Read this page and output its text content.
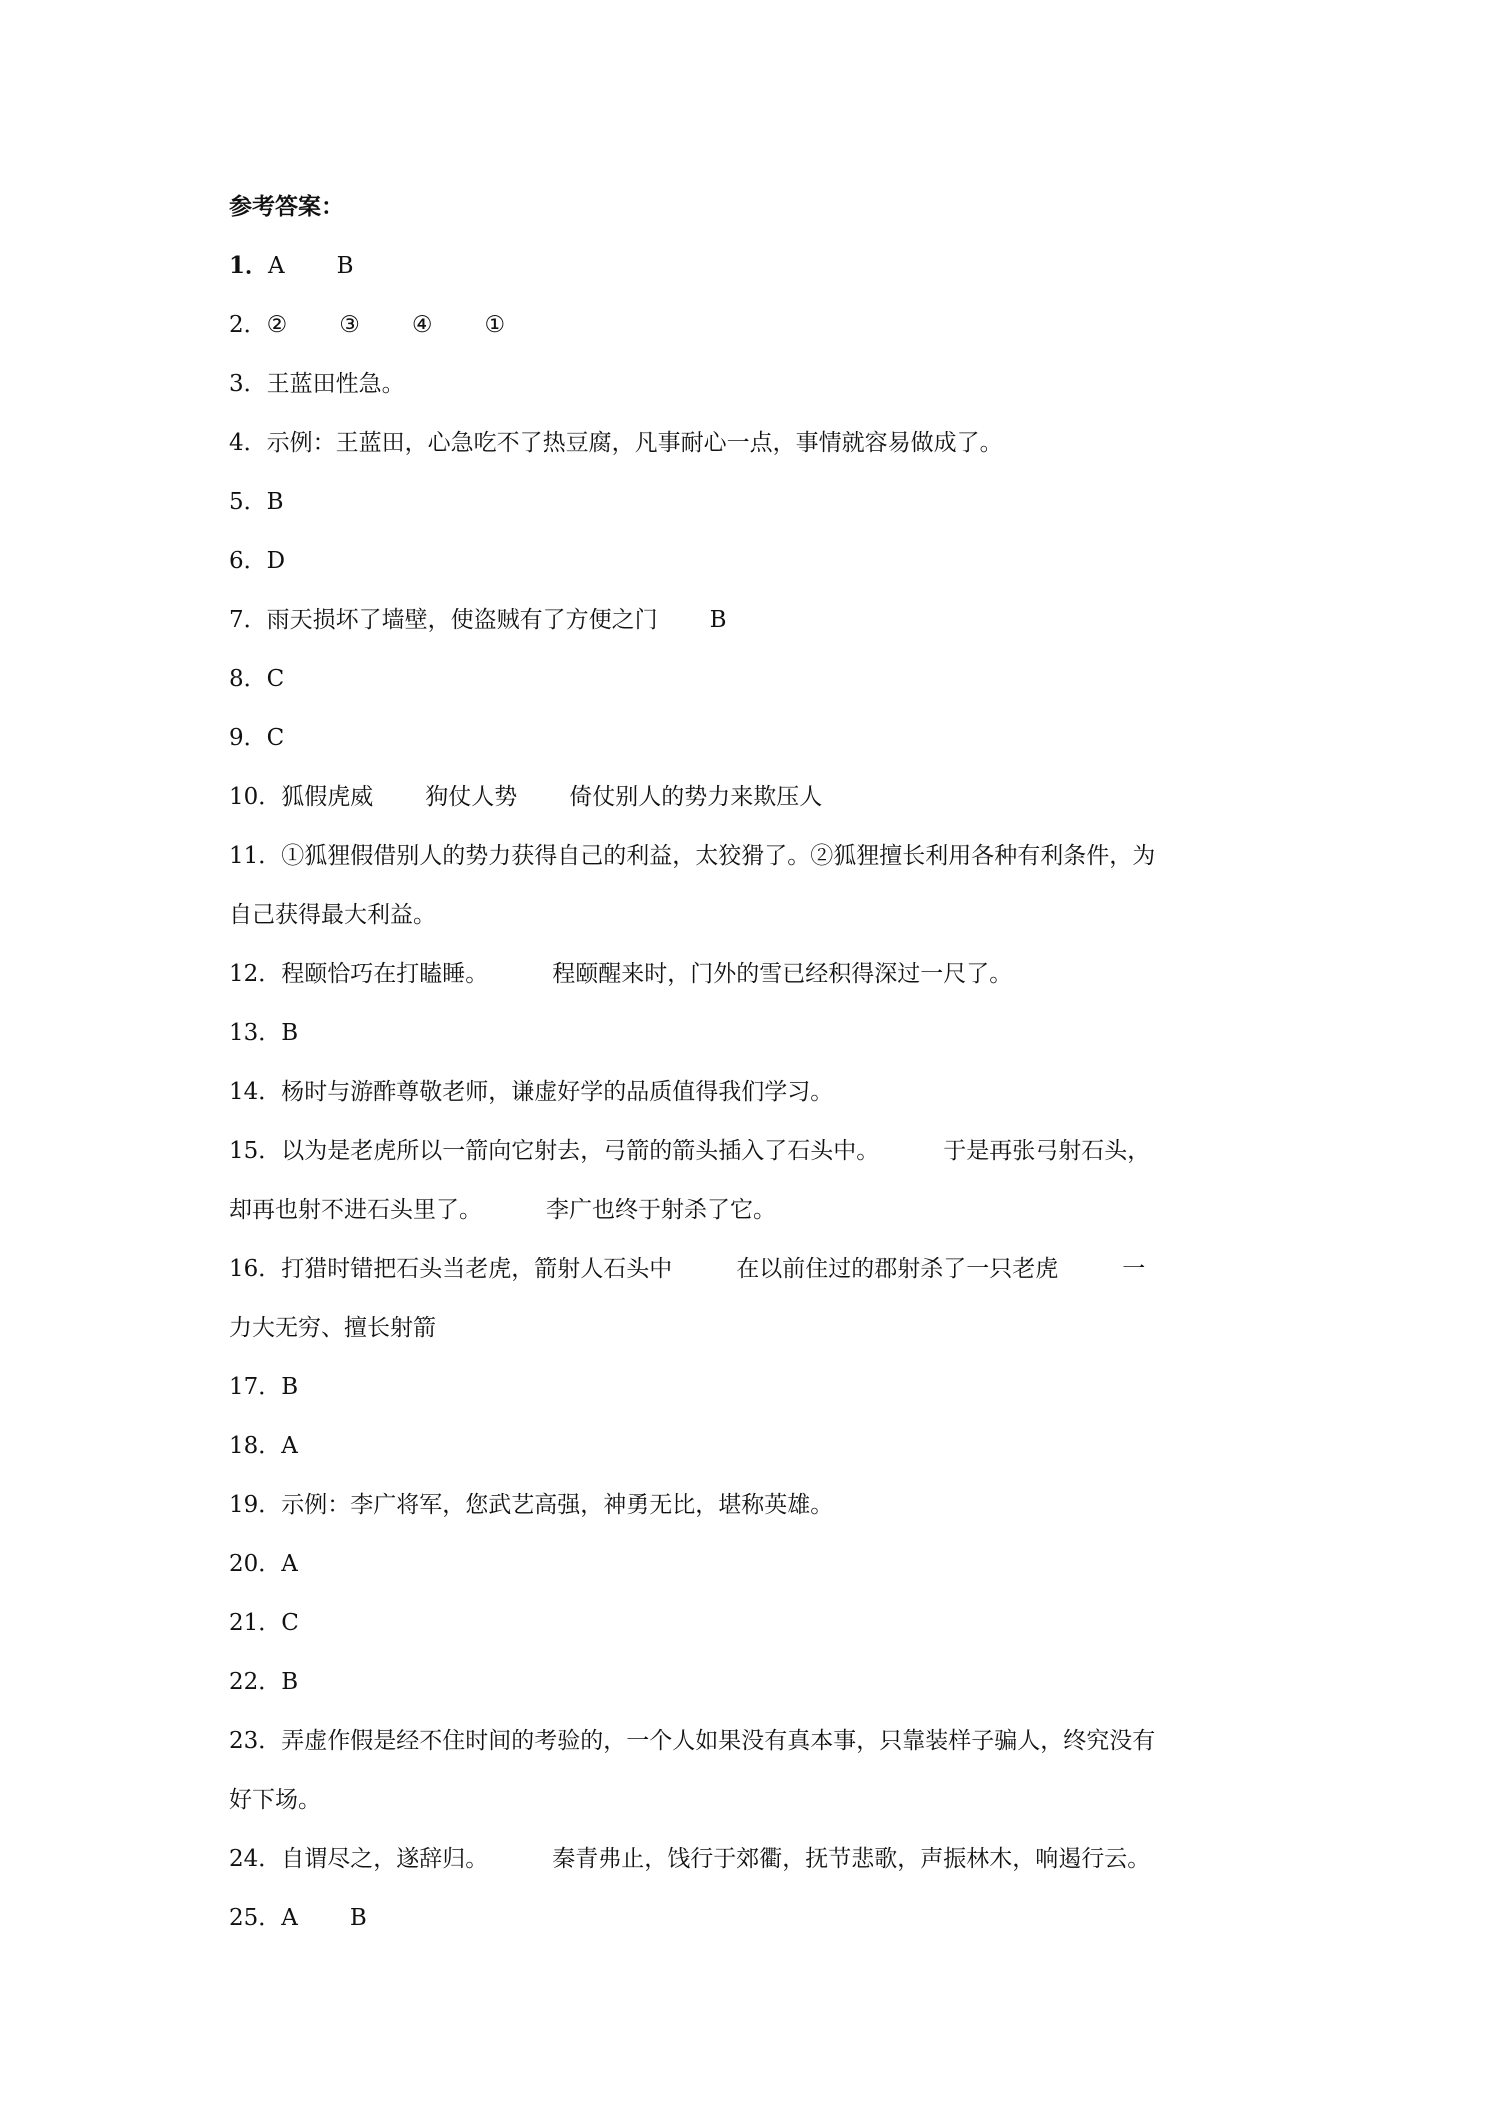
参考答案：
1．A B
2．② ③ ④ ①
3．王蓝田性急。
4．示例：王蓝田，心急吃不了热豆腐，凡事耐心一点，事情就容易做成了。
5．B
6．D
7．雨天损坏了墙壁，使盗贼有了方便之门 B
8．C
9．C
10．狐假虎威 狗仗人势 倚仗别人的势力来欺压人
11．①狐狸假借别人的势力获得自己的利益，太狡猾了。②狐狸擅长利用各种有利条件，为
自己获得最大利益。
12．程颐恰巧在打瞌睡。	程颐醒来时，门外的雪已经积得深过一尺了。
13．B
14．杨时与游酢尊敬老师，谦虚好学的品质值得我们学习。
15．以为是老虎所以一箭向它射去，弓箭的箭头插入了石头中。	于是再张弓射石头，
却再也射不进石头里了。	李广也终于射杀了它。
16．打猎时错把石头当老虎，箭射人石头中	在以前住过的郡射杀了一只老虎	一
力大无穷、擅长射箭
17．B
18．A
19．示例：李广将军，您武艺高强，神勇无比，堪称英雄。
20．A
21．C
22．B
23．弄虚作假是经不住时间的考验的，一个人如果没有真本事，只靠装样子骗人，终究没有
好下场。
24．自谓尽之，遂辞归。	秦青弗止，饯行于郊衢，抚节悲歌，声振林木，响遏行云。
25．A B
